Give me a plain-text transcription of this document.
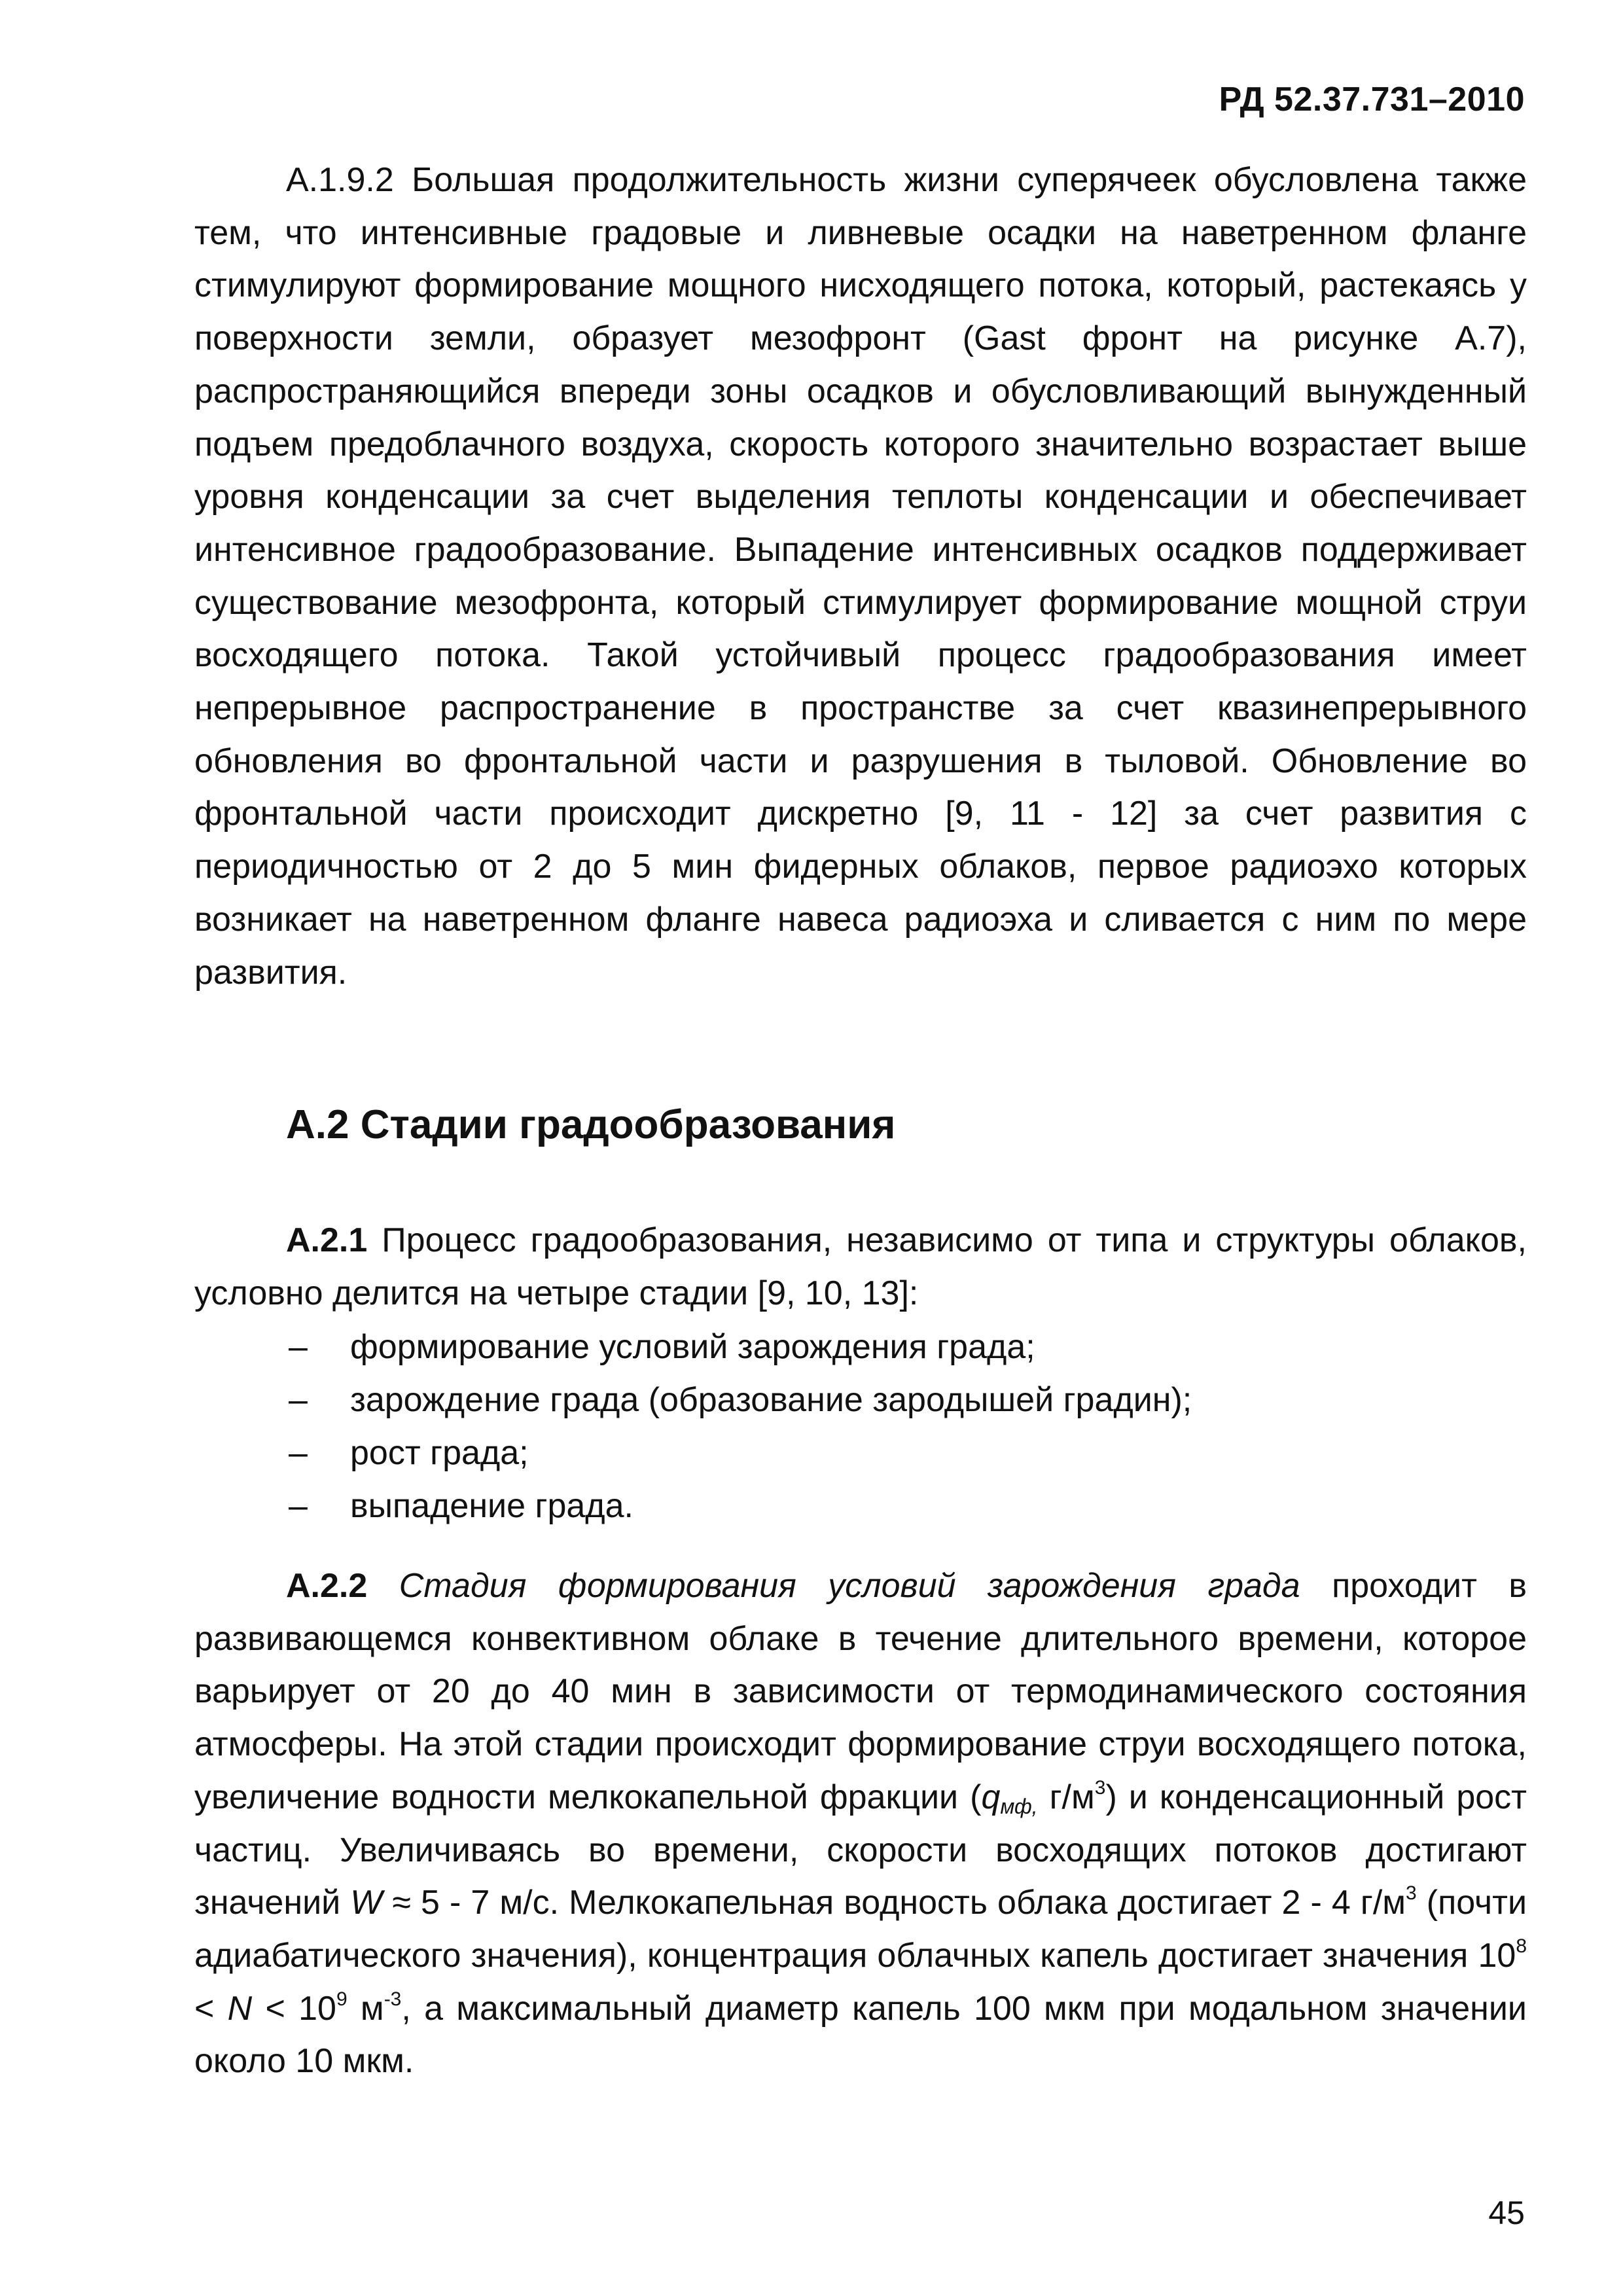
РД 52.37.731–2010

А.1.9.2 Большая продолжительность жизни суперячеек обусловлена также тем, что интенсивные градовые и ливневые осадки на наветренном фланге стимулируют формирование мощного нисходящего потока, который, растекаясь у поверхности земли, образует мезофронт (Gast фронт на рисунке А.7), распространяющийся впереди зоны осадков и обусловливающий вынужденный подъем предоблачного воздуха, скорость которого значительно возрастает выше уровня конденсации за счет выделения теплоты конденсации и обеспечивает интенсивное градообразование. Выпадение интенсивных осадков поддерживает существование мезофронта, который стимулирует формирование мощной струи восходящего потока. Такой устойчивый процесс градообразования имеет непрерывное распространение в пространстве за счет квазинепрерывного обновления во фронтальной части и разрушения в тыловой. Обновление во фронтальной части происходит дискретно [9, 11 - 12] за счет развития с периодичностью от 2 до 5 мин фидерных облаков, первое радиоэхо которых возникает на наветренном фланге навеса радиоэха и сливается с ним по мере развития.

А.2 Стадии градообразования

А.2.1 Процесс градообразования, независимо от типа и структуры облаков, условно делится на четыре стадии [9, 10, 13]:

– формирование условий зарождения града;
– зарождение града (образование зародышей градин);
– рост града;
– выпадение града.

А.2.2 Стадия формирования условий зарождения града проходит в развивающемся конвективном облаке в течение длительного времени, которое варьирует от 20 до 40 мин в зависимости от термодинамического состояния атмосферы. На этой стадии происходит формирование струи восходящего потока, увеличение водности мелкокапельной фракции ($q_{мф,}$ $г/м^3$) и конденсационный рост частиц. Увеличиваясь во времени, скорости восходящих потоков достигают значений W ≈ 5 - 7 м/с. Мелкокапельная водность облака достигает 2 - 4 $г/м^3$ (почти адиабатического значения), концентрация облачных капель достигает значения $10^8 < N < 10^9$ $м^{-3}$, а максимальный диаметр капель 100 мкм при модальном значении около 10 мкм.

45
